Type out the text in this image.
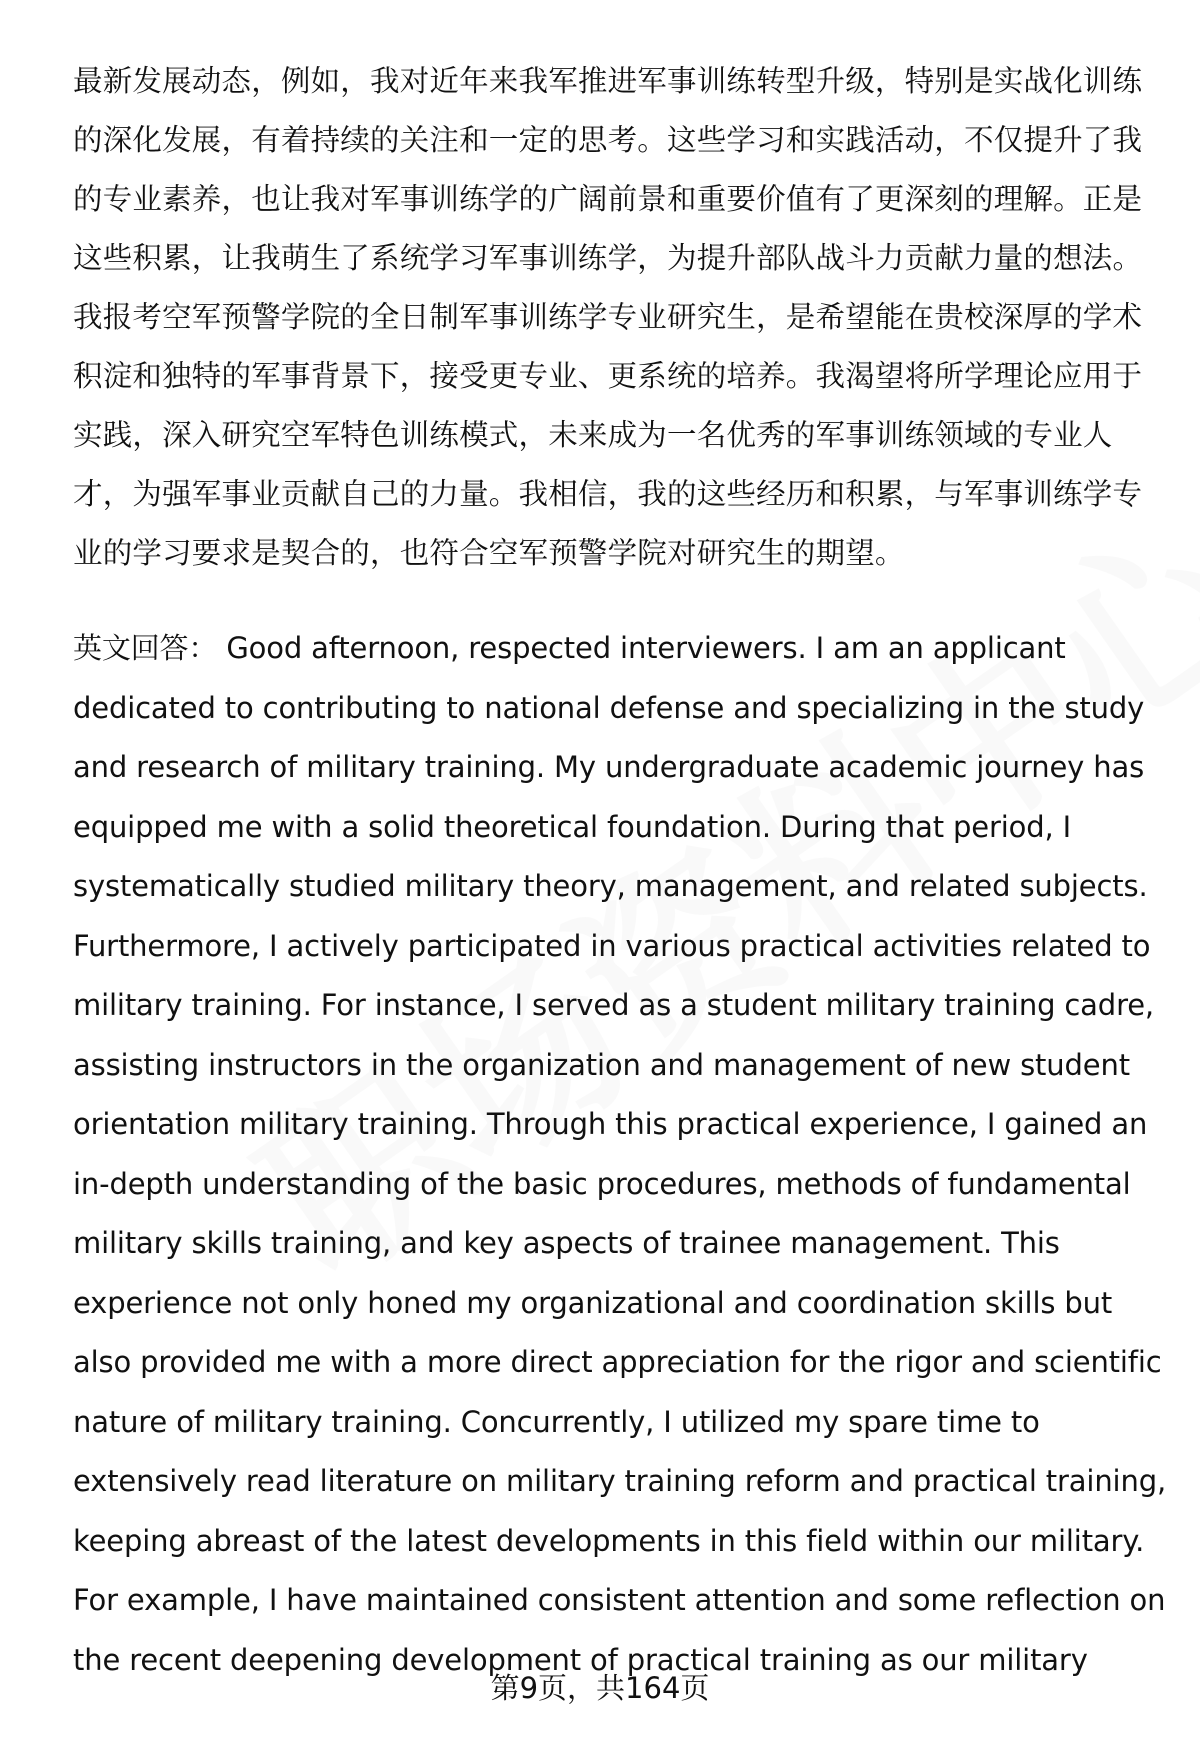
最新发展动态，例如，我对近年来我军推进军事训练转型升级，特别是实战化训练
的深化发展，有着持续的关注和一定的思考。这些学习和实践活动，不仅提升了我
的专业素养，也让我对军事训练学的广阔前景和重要价值有了更深刻的理解。正是
这些积累，让我萌生了系统学习军事训练学，为提升部队战斗力贡献力量的想法。
我报考空军预警学院的全日制军事训练学专业研究生，是希望能在贵校深厚的学术
积淀和独特的军事背景下，接受更专业、更系统的培养。我渴望将所学理论应用于
实践，深入研究空军特色训练模式，未来成为一名优秀的军事训练领域的专业人
才，为强军事业贡献自己的力量。我相信，我的这些经历和积累，与军事训练学专
业的学习要求是契合的，也符合空军预警学院对研究生的期望。
英文回答： Good afternoon, respected interviewers. I am an applicant
dedicated to contributing to national defense and specializing in the study
and research of military training. My undergraduate academic journey has
equipped me with a solid theoretical foundation. During that period, I
systematically studied military theory, management, and related subjects.
Furthermore, I actively participated in various practical activities related to
military training. For instance, I served as a student military training cadre,
assisting instructors in the organization and management of new student
orientation military training. Through this practical experience, I gained an
in-depth understanding of the basic procedures, methods of fundamental
military skills training, and key aspects of trainee management. This
experience not only honed my organizational and coordination skills but
also provided me with a more direct appreciation for the rigor and scientific
nature of military training. Concurrently, I utilized my spare time to
extensively read literature on military training reform and practical training,
keeping abreast of the latest developments in this field within our military.
For example, I have maintained consistent attention and some reflection on
the recent deepening development of practical training as our military
第9页，共164页
